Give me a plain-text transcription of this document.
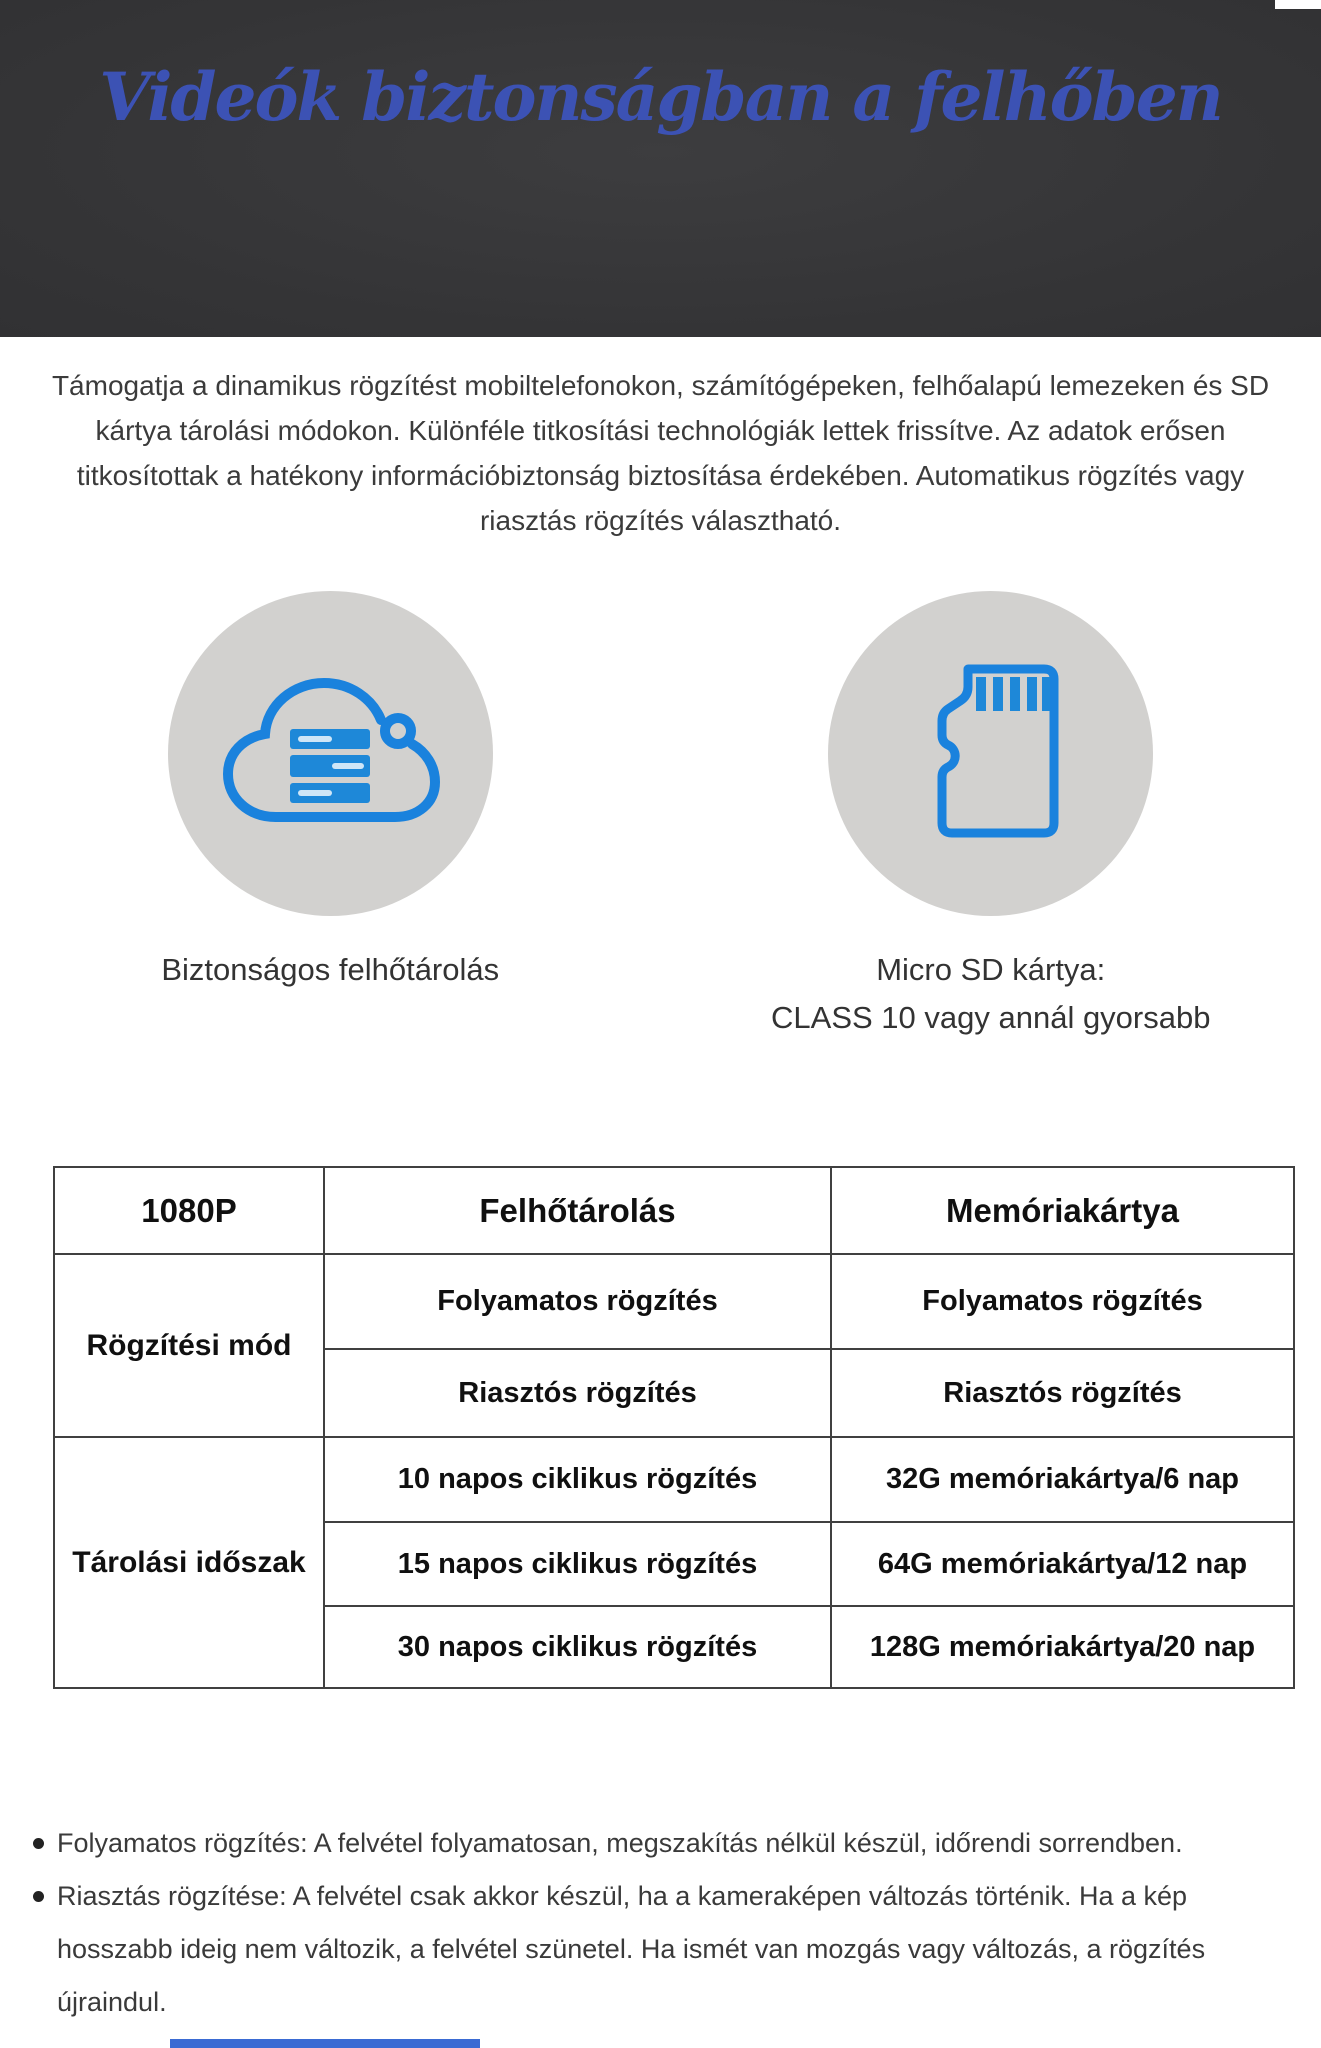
Videók biztonságban a felhőben

Támogatja a dinamikus rögzítést mobiltelefonokon, számítógépeken, felhőalapú lemezeken és SD kártya tárolási módokon. Különféle titkosítási technológiák lettek frissítve. Az adatok erősen titkosítottak a hatékony információbiztonság biztosítása érdekében. Automatikus rögzítés vagy riasztás rögzítés választható.

Biztonságos felhőtárolás	Micro SD kártya:
CLASS 10 vagy annál gyorsabb
1080P	Felhőtárolás	Memóriakártya
Rögzítési mód	Folyamatos rögzítés	Folyamatos rögzítés
	Riasztós rögzítés	Riasztós rögzítés
Tárolási időszak	10 napos ciklikus rögzítés	32G memóriakártya/6 nap
	15 napos ciklikus rögzítés	64G memóriakártya/12 nap
	30 napos ciklikus rögzítés	128G memóriakártya/20 nap
Folyamatos rögzítés: A felvétel folyamatosan, megszakítás nélkül készül, időrendi sorrendben.
Riasztás rögzítése: A felvétel csak akkor készül, ha a kameraképen változás történik. Ha a kép hosszabb ideig nem változik, a felvétel szünetel. Ha ismét van mozgás vagy változás, a rögzítés újraindul.
